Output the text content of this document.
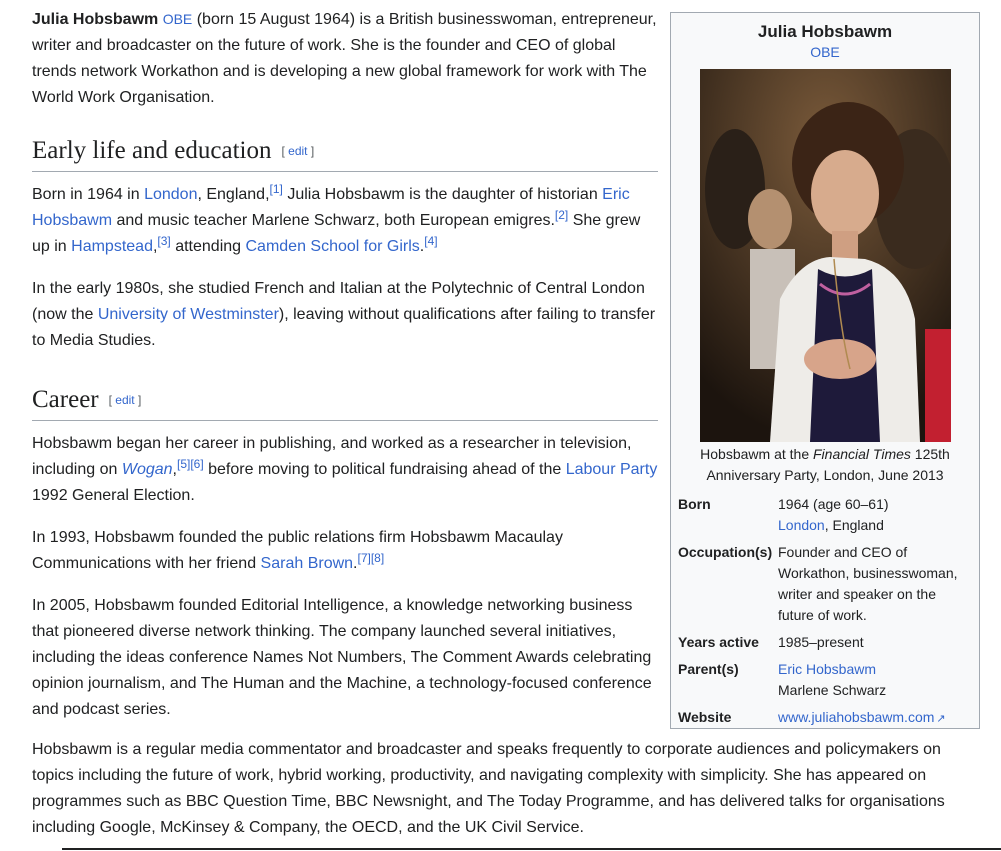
Julia Hobsbawm OBE (born 15 August 1964) is a British businesswoman, entrepreneur, writer and broadcaster on the future of work. She is the founder and CEO of global trends network Workathon and is developing a new global framework for work with The World Work Organisation.

Early life and education [ edit ]

Born in 1964 in London, England,[1] Julia Hobsbawm is the daughter of historian Eric Hobsbawm and music teacher Marlene Schwarz, both European emigres.[2] She grew up in Hampstead,[3] attending Camden School for Girls.[4]

In the early 1980s, she studied French and Italian at the Polytechnic of Central London (now the University of Westminster), leaving without qualifications after failing to transfer to Media Studies.

Career [ edit ]

Hobsbawm began her career in publishing, and worked as a researcher in television, including on Wogan,[5][6] before moving to political fundraising ahead of the Labour Party 1992 General Election.

In 1993, Hobsbawm founded the public relations firm Hobsbawm Macaulay Communications with her friend Sarah Brown.[7][8]

In 2005, Hobsbawm founded Editorial Intelligence, a knowledge networking business that pioneered diverse network thinking. The company launched several initiatives, including the ideas conference Names Not Numbers, The Comment Awards celebrating opinion journalism, and The Human and the Machine, a technology-focused conference and podcast series.

Hobsbawm is a regular media commentator and broadcaster and speaks frequently to corporate audiences and policymakers on topics including the future of work, hybrid working, productivity, and navigating complexity with simplicity. She has appeared on programmes such as BBC Question Time, BBC Newsnight, and The Today Programme, and has delivered talks for organisations including Google, McKinsey & Company, the OECD, and the UK Civil Service.

Julia Hobsbawm
OBE
Hobsbawm at the Financial Times 125th Anniversary Party, London, June 2013
Born	1964 (age 60–61)
London, England
Occupation(s)	Founder and CEO of Workathon, businesswoman, writer and speaker on the future of work.
Years active	1985–present
Parent(s)	Eric Hobsbawm
Marlene Schwarz
Website	www.juliahobsbawm.com ↗
